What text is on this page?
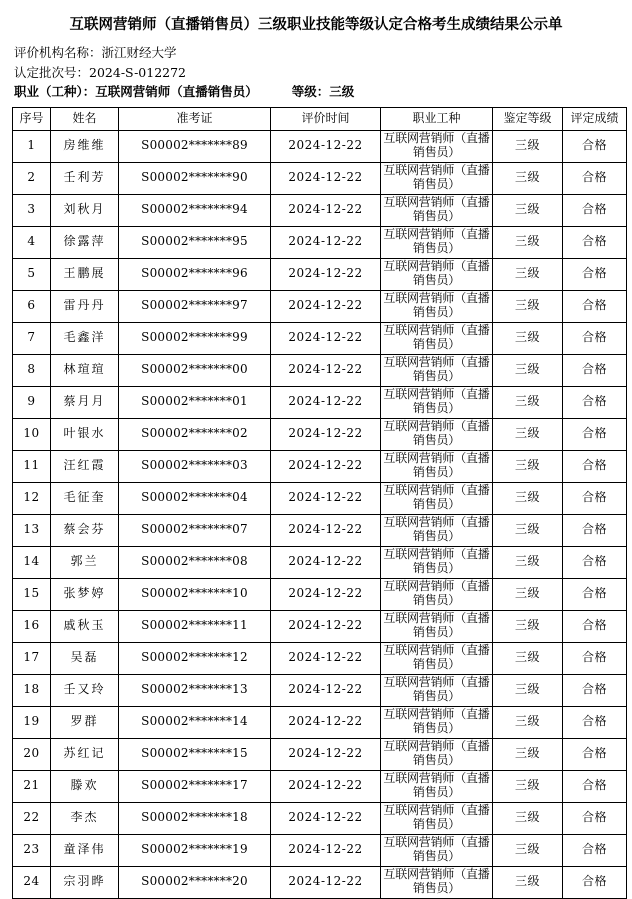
互联网营销师（直播销售员）三级职业技能等级认定合格考生成绩结果公示单
评价机构名称：浙江财经大学
认定批次号：2024-S-012272
职业（工种）：互联网营销师（直播销售员）	等级：三级
序号	姓名	准考证	评价时间	职业工种	鉴定等级	评定成绩
1	房维维	S00002*******89	2024-12-22	互联网营销师（直播销售员）	三级	合格
2	壬利芳	S00002*******90	2024-12-22	互联网营销师（直播销售员）	三级	合格
3	刘秋月	S00002*******94	2024-12-22	互联网营销师（直播销售员）	三级	合格
4	徐露萍	S00002*******95	2024-12-22	互联网营销师（直播销售员）	三级	合格
5	王鹏展	S00002*******96	2024-12-22	互联网营销师（直播销售员）	三级	合格
6	雷丹丹	S00002*******97	2024-12-22	互联网营销师（直播销售员）	三级	合格
7	毛鑫洋	S00002*******99	2024-12-22	互联网营销师（直播销售员）	三级	合格
8	林瑄瑄	S00002*******00	2024-12-22	互联网营销师（直播销售员）	三级	合格
9	蔡月月	S00002*******01	2024-12-22	互联网营销师（直播销售员）	三级	合格
10	叶银水	S00002*******02	2024-12-22	互联网营销师（直播销售员）	三级	合格
11	汪红霞	S00002*******03	2024-12-22	互联网营销师（直播销售员）	三级	合格
12	毛征奎	S00002*******04	2024-12-22	互联网营销师（直播销售员）	三级	合格
13	蔡会芬	S00002*******07	2024-12-22	互联网营销师（直播销售员）	三级	合格
14	郭兰	S00002*******08	2024-12-22	互联网营销师（直播销售员）	三级	合格
15	张梦婷	S00002*******10	2024-12-22	互联网营销师（直播销售员）	三级	合格
16	戚秋玉	S00002*******11	2024-12-22	互联网营销师（直播销售员）	三级	合格
17	吴磊	S00002*******12	2024-12-22	互联网营销师（直播销售员）	三级	合格
18	壬又玲	S00002*******13	2024-12-22	互联网营销师（直播销售员）	三级	合格
19	罗群	S00002*******14	2024-12-22	互联网营销师（直播销售员）	三级	合格
20	苏红记	S00002*******15	2024-12-22	互联网营销师（直播销售员）	三级	合格
21	滕欢	S00002*******17	2024-12-22	互联网营销师（直播销售员）	三级	合格
22	李杰	S00002*******18	2024-12-22	互联网营销师（直播销售员）	三级	合格
23	童泽伟	S00002*******19	2024-12-22	互联网营销师（直播销售员）	三级	合格
24	宗羽晔	S00002*******20	2024-12-22	互联网营销师（直播销售员）	三级	合格
